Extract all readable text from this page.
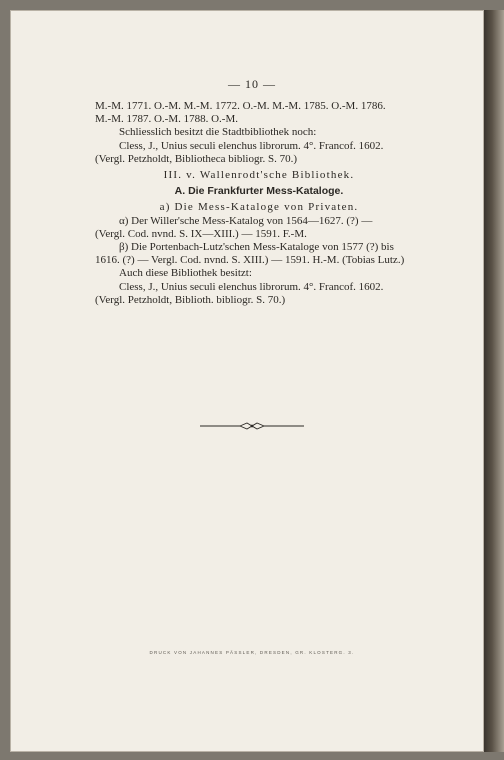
— 10 —
M.-M. 1771. O.-M. M.-M. 1772. O.-M. M.-M. 1785. O.-M. 1786.
M.-M. 1787. O.-M. 1788. O.-M.
Schliesslich besitzt die Stadtbibliothek noch:
Cless, J., Unius seculi elenchus librorum. 4°. Francof. 1602.
(Vergl. Petzholdt, Bibliotheca bibliogr. S. 70.)
III. v. Wallenrodt'sche Bibliothek.
A. Die Frankfurter Mess-Kataloge.
a) Die Mess-Kataloge von Privaten.
α) Der Willer'sche Mess-Katalog von 1564—1627. (?) —
(Vergl. Cod. nvnd. S. IX—XIII.) — 1591. F.-M.
β) Die Portenbach-Lutz'schen Mess-Kataloge von 1577 (?) bis
1616. (?) — Vergl. Cod. nvnd. S. XIII.) — 1591. H.-M. (Tobias Lutz.)
Auch diese Bibliothek besitzt:
Cless, J., Unius seculi elenchus librorum. 4°. Francof. 1602.
(Vergl. Petzholdt, Biblioth. bibliogr. S. 70.)
DRUCK VON JAHANNES PÄSSLER, DRESDEN, GR. KLOSTERG. 3.
